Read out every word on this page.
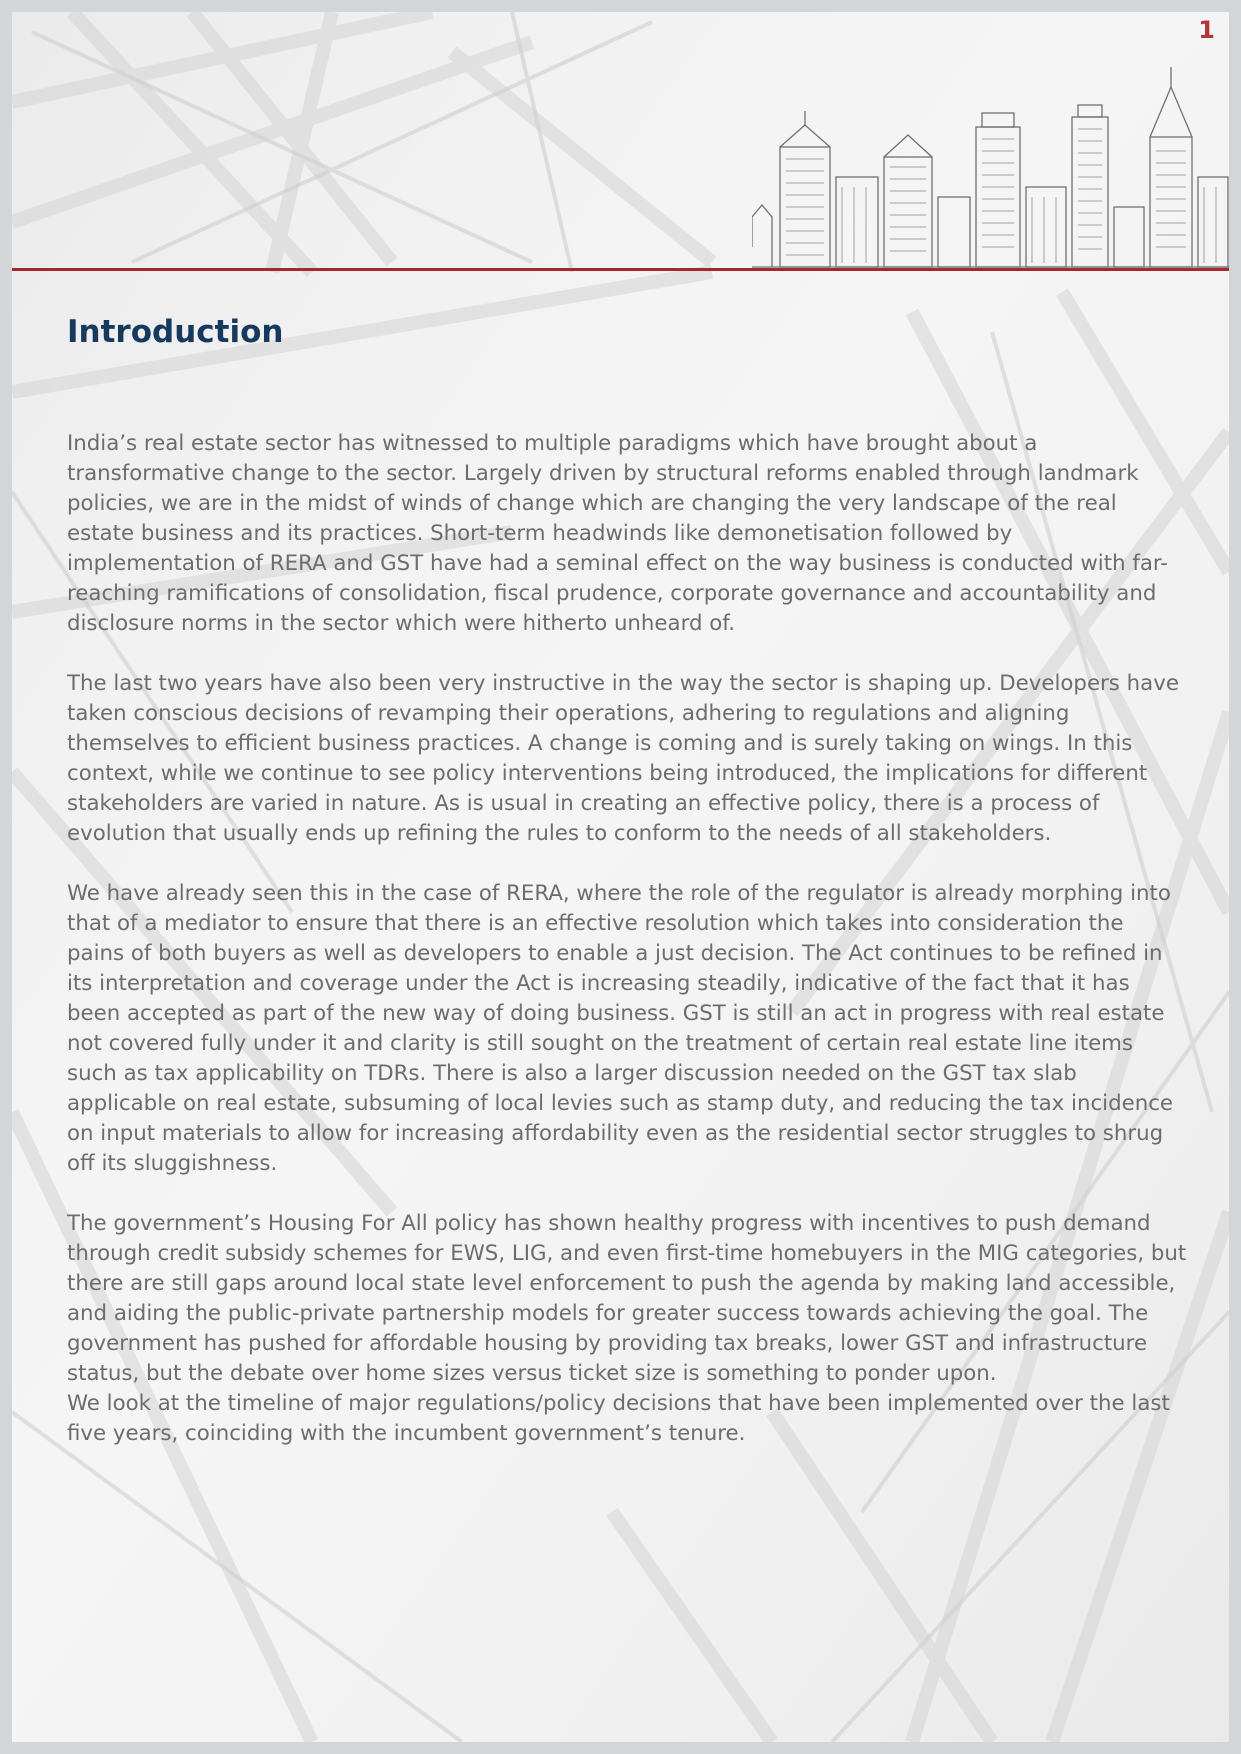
1
Introduction

India’s real estate sector has witnessed to multiple paradigms which have brought about a transformative change to the sector. Largely driven by structural reforms enabled through landmark policies, we are in the midst of winds of change which are changing the very landscape of the real estate business and its practices. Short-term headwinds like demonetisation followed by implementation of RERA and GST have had a seminal effect on the way business is conducted with far-reaching ramifications of consolidation, fiscal prudence, corporate governance and accountability and disclosure norms in the sector which were hitherto unheard of.

The last two years have also been very instructive in the way the sector is shaping up. Developers have taken conscious decisions of revamping their operations, adhering to regulations and aligning themselves to efficient business practices. A change is coming and is surely taking on wings. In this context, while we continue to see policy interventions being introduced, the implications for different stakeholders are varied in nature. As is usual in creating an effective policy, there is a process of evolution that usually ends up refining the rules to conform to the needs of all stakeholders.

We have already seen this in the case of RERA, where the role of the regulator is already morphing into that of a mediator to ensure that there is an effective resolution which takes into consideration the pains of both buyers as well as developers to enable a just decision. The Act continues to be refined in its interpretation and coverage under the Act is increasing steadily, indicative of the fact that it has been accepted as part of the new way of doing business. GST is still an act in progress with real estate not covered fully under it and clarity is still sought on the treatment of certain real estate line items such as tax applicability on TDRs. There is also a larger discussion needed on the GST tax slab applicable on real estate, subsuming of local levies such as stamp duty, and reducing the tax incidence on input materials to allow for increasing affordability even as the residential sector struggles to shrug off its sluggishness.

The government’s Housing For All policy has shown healthy progress with incentives to push demand through credit subsidy schemes for EWS, LIG, and even first-time homebuyers in the MIG categories, but there are still gaps around local state level enforcement to push the agenda by making land accessible, and aiding the public-private partnership models for greater success towards achieving the goal. The government has pushed for affordable housing by providing tax breaks, lower GST and infrastructure status, but the debate over home sizes versus ticket size is something to ponder upon.

We look at the timeline of major regulations/policy decisions that have been implemented over the last five years, coinciding with the incumbent government’s tenure.
